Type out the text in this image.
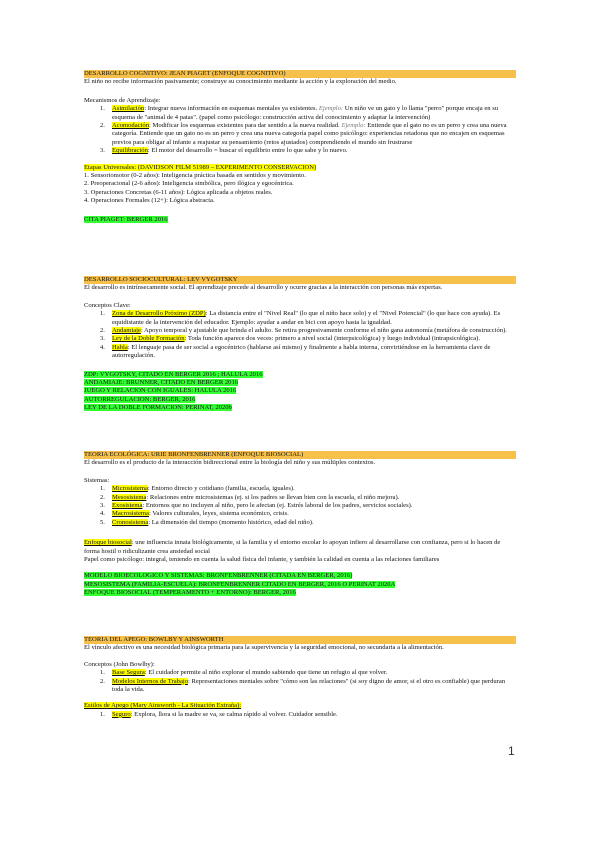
DESARROLLO COGNITIVO: JEAN PIAGET (ENFOQUE COGNITIVO)
El niño no recibe información pasivamente; construye su conocimiento mediante la acción y la exploración del medio.
Mecanismos de Aprendizaje:
1. Asimilación: Integrar nueva información en esquemas mentales ya existentes. Ejemplo: Un niño ve un gato y lo llama "perro" porque encaja en su esquema de "animal de 4 patas". (papel como psicólogo: construcción activa del conocimiento y adaptar la intervención)
2. Acomodación: Modificar los esquemas existentes para dar sentido a la nueva realidad. Ejemplo: Entiende que el gato no es un perro y crea una nueva categoría. Entiende que un gato no es un perro y crea una nueva categoría papel como psicólogo: experiencias retadoras que no encajen en esquemas previos para obligar al infante a reajustar su pensamiento (retos ajustados) comprendiendo el mundo sin frustrarse
3. Equilibración: El motor del desarrollo = buscar el equilibrio entre lo que sabe y lo nuevo.
Etapas Universales: (DAVIDSON FILM 51989 – EXPERIMENTO CONSERVACION)
1. Sensoriomotor (0-2 años): Inteligencia práctica basada en sentidos y movimiento.
2. Preoperacional (2-6 años): Inteligencia simbólica, pero ilógica y egocéntrica.
3. Operaciones Concretas (6-11 años): Lógica aplicada a objetos reales.
4. Operaciones Formales (12+): Lógica abstracta.
CITA PIAGET: BERGER 2016
DESARROLLO SOCIOCULTURAL: LEV VYGOTSKY
El desarrollo es intrínsecamente social. El aprendizaje precede al desarrollo y ocurre gracias a la interacción con personas más expertas.
Conceptos Clave:
1. Zona de Desarrollo Próximo (ZDP): La distancia entre el "Nivel Real" (lo que el niño hace solo) y el "Nivel Potencial" (lo que hace con ayuda). Es equidistante de la intervención del educador. Ejemplo: ayudar a andar en bici con apoyo hasta la igualdad.
2. Andamiaje: Apoyo temporal y ajustable que brinda el adulto. Se retira progresivamente conforme el niño gana autonomía (metáfora de construcción).
3. Ley de la Doble Formación: Toda función aparece dos veces: primero a nivel social (interpsicológica) y luego individual (intrapsicológica).
4. Habla: El lenguaje pasa de ser social a egocéntrico (hablarse así mismo) y finalmente a habla interna, convirtiéndose en la herramienta clave de autorregulación.
ZDP: VYGOTSKY, CITADO EN BERGER 2016 ; HALULA 2016
ANDAMIAJE: BRUNNER, CITADO EN BERGER 2016
JUEGO Y RELACION CON IGUALES: HALULA 2016
AUTORREGULACION: BERGER, 2016
LEY DE LA DOBLE FORMACION: PERINAT, 2020b
TEORIA ECOLÓGICA: URIE BRONFENBRENNER (ENFOQUE BIOSOCIAL)
El desarrollo es el producto de la interacción bidireccional entre la biología del niño y sus múltiples contextos.
Sistemas:
1. Microsistema: Entorno directo y cotidiano (familia, escuela, iguales).
2. Mesosistema: Relaciones entre microsistemas (ej. si los padres se llevan bien con la escuela, el niño mejora).
3. Exosistema: Entornos que no incluyen al niño, pero le afectan (ej. Estrés laboral de los padres, servicios sociales).
4. Macrosistema: Valores culturales, leyes, sistema económico, crisis.
5. Cronosistema: La dimensión del tiempo (momento histórico, edad del niño).
Enfoque biosocial: une influencia innata biológicamente, si la familia y el entorno escolar lo apoyan infiero al desarrollarse con confianza, pero si lo hacen de forma hostil o ridiculizante crea ansiedad social
Papel como psicólogo: integral, teniendo en cuenta la salud física del infante, y también la calidad en cuenta a las relaciones familiares
MODELO BIOECOLOGICO Y SISTEMAS: BRONFENBRENNER (CITADA EN BERGER, 2016)
MESOSISTEMA (FAMILIA-ESCUELA): BRONFENBRENNER CITADO EN BERGER, 2016 O PERINAT 2020A
ENFOQUE BIOSOCIAL (TEMPERAMENTO + ENTORNO): BERGER, 2016
TEORIA DEL APEGO: BOWLBY Y AINSWORTH
El vínculo afectivo es una necesidad biológica primaria para la supervivencia y la seguridad emocional, no secundaria a la alimentación.
Conceptos (John Bowlby):
1. Base Segura: El cuidador permite al niño explorar el mundo sabiendo que tiene un refugio al que volver.
2. Modelos Internos de Trabajo: Representaciones mentales sobre "cómo son las relaciones" (si soy digno de amor, si el otro es confiable) que perduran toda la vida.
Estilos de Apego (Mary Ainsworth - La Situación Extraña):
1. Seguro: Explora, llora si la madre se va, se calma rápido al volver. Cuidador sensible.
1
